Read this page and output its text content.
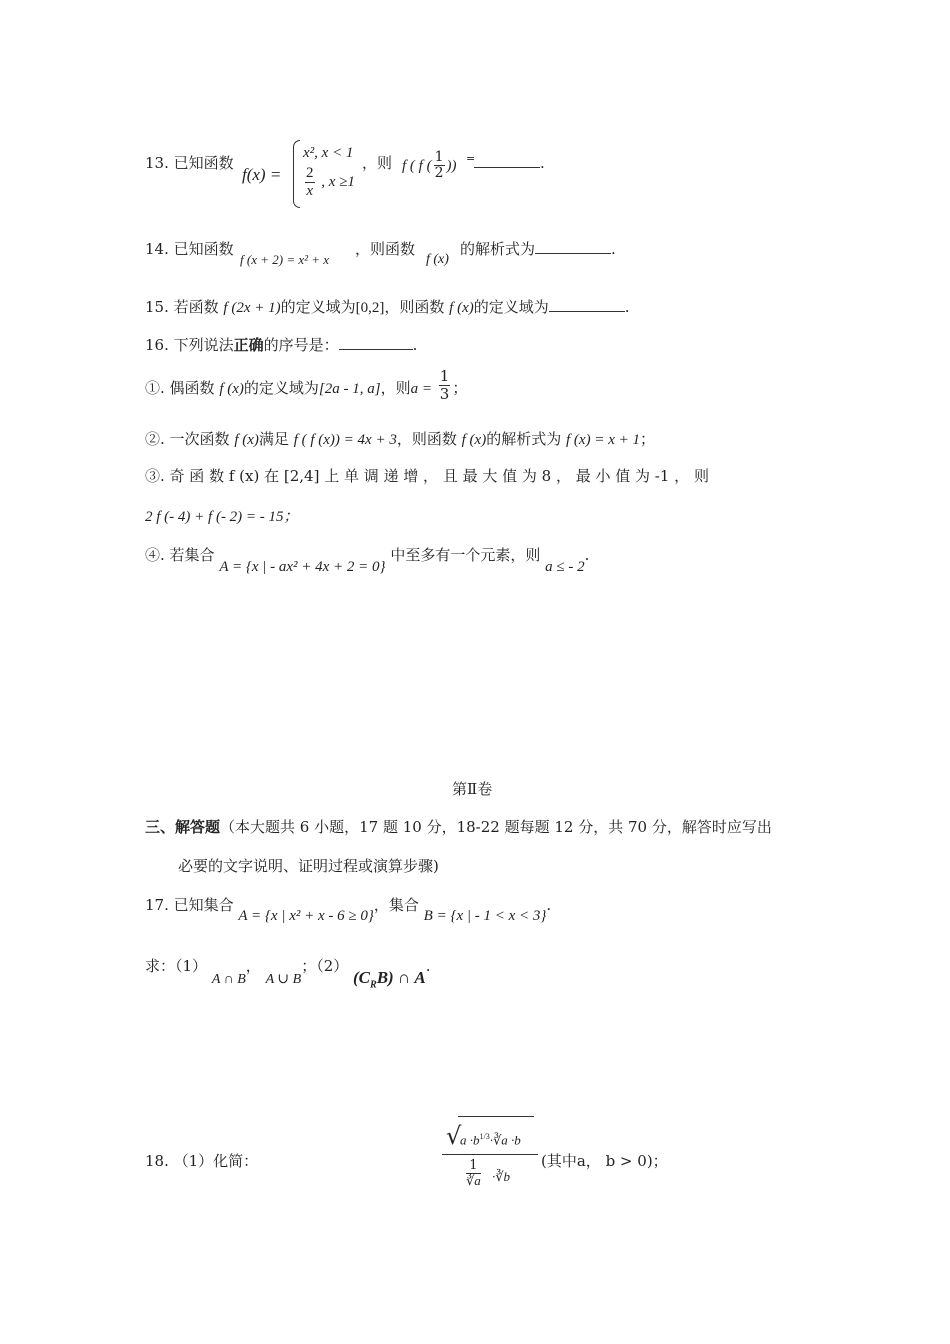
13. 已知函数
f(x) =
x², x < 1
$\frac{2}{x}$ , x ≥1
，则 f ( f ( $\frac{1}{2}$ )) =	.
14. 已知函数
f (x + 2) = x² + x
，则函数
f (x)
的解析式为	.
15. 若函数 f (2x + 1)的定义域为[0,2]，则函数 f (x)的定义域为	.
16. 下列说法正确的序号是：	.
①. 偶函数 f (x)的定义域为[2a - 1, a]，则$a = \frac{1}{3}$ ；
②. 一次函数 f (x)满足 f ( f (x)) = 4x + 3，则函数 f (x)的解析式为 f (x) = x + 1；
③. 奇 函 数 f (x) 在 [2,4] 上 单 调 递 增 ， 且 最 大 值 为 8 ， 最 小 值 为 -1 ， 则
2 f (- 4) + f (- 2) = - 15；
④. 若集合 A = {x | - ax² + 4x + 2 = 0} 中至多有一个元素，则 a ≤ - 2.
第Ⅱ卷
三、解答题（本大题共 6 小题，17 题 10 分，18-22 题每题 12 分，共 70 分，解答时应写出
必要的文字说明、证明过程或演算步骤)
17. 已知集合 A = {x | x² + x - 6 ≥ 0}，集合 B = {x | - 1 < x < 3}.
求：（1） A ∩ B， A ∪ B；（2） $(C_RB)$ ∩ A.
18. （1）化简：	√
$a \cdot b^{1/3}\cdot∛a \cdot b$
$\frac{1}{∛a}$ ·∛b (其中a， b > 0)；
